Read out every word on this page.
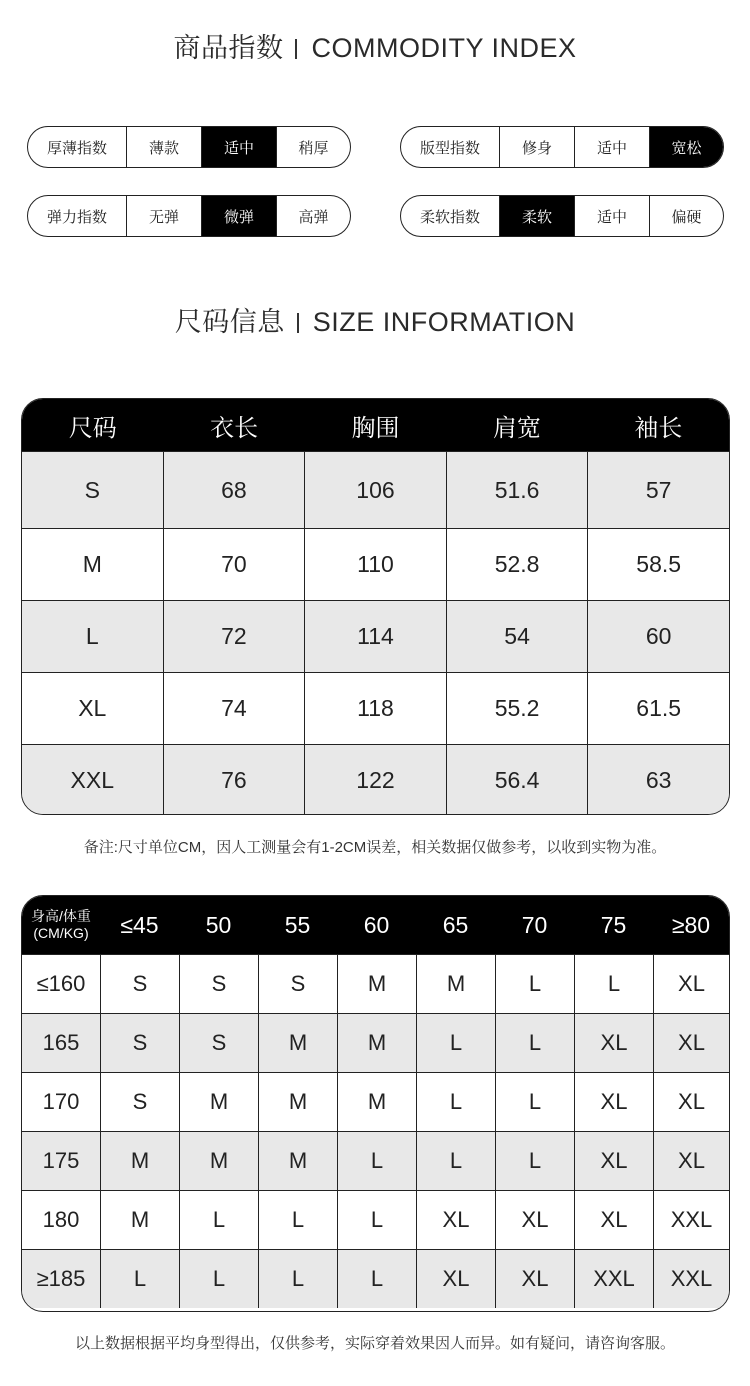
商品指数 COMMODITY INDEX
厚薄指数	薄款	适中	稍厚	版型指数	修身	适中	宽松
弹力指数	无弹	微弹	高弹	柔软指数	柔软	适中	偏硬
尺码信息 SIZE INFORMATION
尺码	衣长	胸围	肩宽	袖长
S	68	106	51.6	57
M	70	110	52.8	58.5
L	72	114	54	60
XL	74	118	55.2	61.5
XXL	76	122	56.4	63
备注:尺寸单位CM，因人工测量会有1-2CM误差，相关数据仅做参考，以收到实物为准。
身高/体重
(CM/KG)	≤45	50	55	60	65	70	75	≥80
≤160	S	S	S	M	M	L	L	XL
165	S	S	M	M	L	L	XL	XL
170	S	M	M	M	L	L	XL	XL
175	M	M	M	L	L	L	XL	XL
180	M	L	L	L	XL	XL	XL	XXL
≥185	L	L	L	L	XL	XL	XXL	XXL
以上数据根据平均身型得出，仅供参考，实际穿着效果因人而异。如有疑问，请咨询客服。
